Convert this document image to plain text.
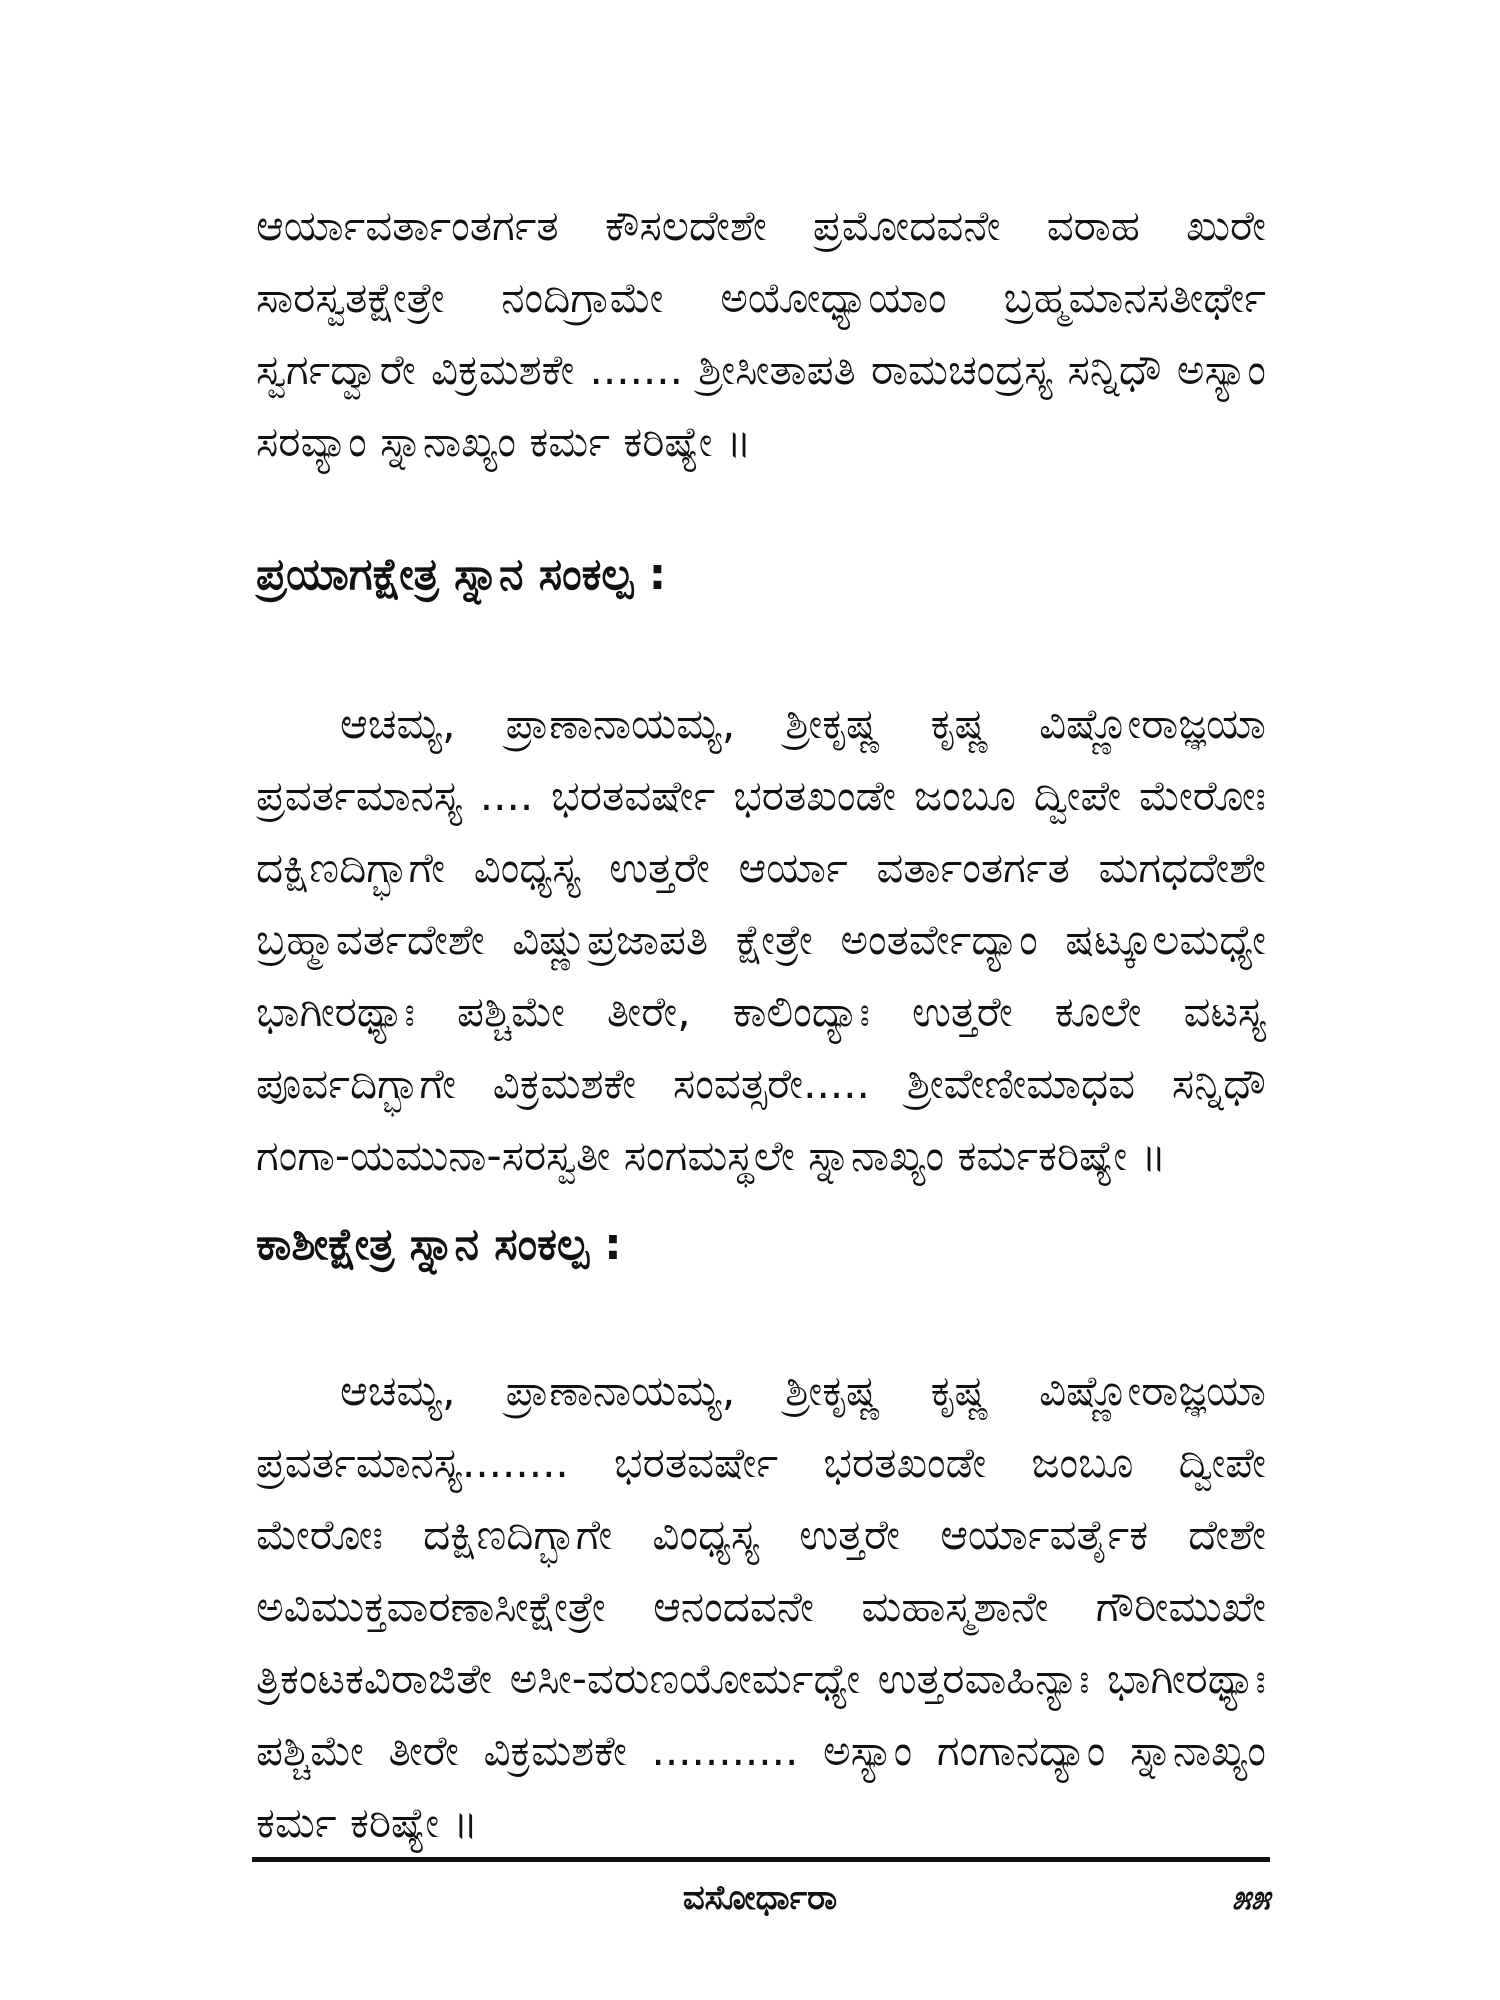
ಆರ್ಯಾವರ್ತಾಂತರ್ಗತ ಕೌಸಲದೇಶೇ ಪ್ರಮೋದವನೇ ವರಾಹ ಖುರೇ ಸಾರಸ್ವತಕ್ಷೇತ್ರೇ ನಂದಿಗ್ರಾಮೇ ಅಯೋಧ್ಯಾಯಾಂ ಬ್ರಹ್ಮಮಾನಸತೀರ್ಥೇ ಸ್ವರ್ಗದ್ವಾರೇ ವಿಕ್ರಮಶಕೇ ....... ಶ್ರೀಸೀತಾಪತಿ ರಾಮಚಂದ್ರಸ್ಯ ಸನ್ನಿಧೌ ಅಸ್ಯಾಂ ಸರವ್ಯಾಂ ಸ್ನಾನಾಖ್ಯಂ ಕರ್ಮ ಕರಿಷ್ಯೇ ॥

ಪ್ರಯಾಗಕ್ಷೇತ್ರ ಸ್ನಾನ ಸಂಕಲ್ಪ :

ಆಚಮ್ಯ, ಪ್ರಾಣಾನಾಯಮ್ಯ, ಶ್ರೀಕೃಷ್ಣ ಕೃಷ್ಣ ವಿಷ್ಣೋರಾಜ್ಞಯಾ ಪ್ರವರ್ತಮಾನಸ್ಯ .... ಭರತವರ್ಷೇ ಭರತಖಂಡೇ ಜಂಬೂ ದ್ವೀಪೇ ಮೇರೋಃ ದಕ್ಷಿಣದಿಗ್ಭಾಗೇ ವಿಂಧ್ಯಸ್ಯ ಉತ್ತರೇ ಆರ್ಯಾ ವರ್ತಾಂತರ್ಗತ ಮಗಧದೇಶೇ ಬ್ರಹ್ಮಾವರ್ತದೇಶೇ ವಿಷ್ಣುಪ್ರಜಾಪತಿ ಕ್ಷೇತ್ರೇ ಅಂತರ್ವೇದ್ಯಾಂ ಷಟ್ಕೂಲಮಧ್ಯೇ ಭಾಗೀರಥ್ಯಾಃ ಪಶ್ಚಿಮೇ ತೀರೇ, ಕಾಲಿಂದ್ಯಾಃ ಉತ್ತರೇ ಕೂಲೇ ವಟಸ್ಯ ಪೂರ್ವದಿಗ್ಭಾಗೇ ವಿಕ್ರಮಶಕೇ ಸಂವತ್ಸರೇ..... ಶ್ರೀವೇಣೀಮಾಧವ ಸನ್ನಿಧೌ ಗಂಗಾ-ಯಮುನಾ-ಸರಸ್ವತೀ ಸಂಗಮಸ್ಥಲೇ ಸ್ನಾನಾಖ್ಯಂ ಕರ್ಮಕರಿಷ್ಯೇ ॥

ಕಾಶೀಕ್ಷೇತ್ರ ಸ್ನಾನ ಸಂಕಲ್ಪ :

ಆಚಮ್ಯ, ಪ್ರಾಣಾನಾಯಮ್ಯ, ಶ್ರೀಕೃಷ್ಣ ಕೃಷ್ಣ ವಿಷ್ಣೋರಾಜ್ಞಯಾ ಪ್ರವರ್ತಮಾನಸ್ಯ........ ಭರತವರ್ಷೇ ಭರತಖಂಡೇ ಜಂಬೂ ದ್ವೀಪೇ ಮೇರೋಃ ದಕ್ಷಿಣದಿಗ್ಭಾಗೇ ವಿಂಧ್ಯಸ್ಯ ಉತ್ತರೇ ಆರ್ಯಾವರ್ತೈಕ ದೇಶೇ ಅವಿಮುಕ್ತವಾರಣಾಸೀಕ್ಷೇತ್ರೇ ಆನಂದವನೇ ಮಹಾಸ್ಮಶಾನೇ ಗೌರೀಮುಖೇ ತ್ರಿಕಂಟಕವಿರಾಜಿತೇ ಅಸೀ-ವರುಣಯೋರ್ಮಧ್ಯೇ ಉತ್ತರವಾಹಿನ್ಯಾಃ ಭಾಗೀರಥ್ಯಾಃ ಪಶ್ಚಿಮೇ ತೀರೇ ವಿಕ್ರಮಶಕೇ ........... ಅಸ್ಯಾಂ ಗಂಗಾನದ್ಯಾಂ ಸ್ನಾನಾಖ್ಯಂ ಕರ್ಮ ಕರಿಷ್ಯೇ ॥

ವಸೋರ್ಧಾರಾ	೫೫
